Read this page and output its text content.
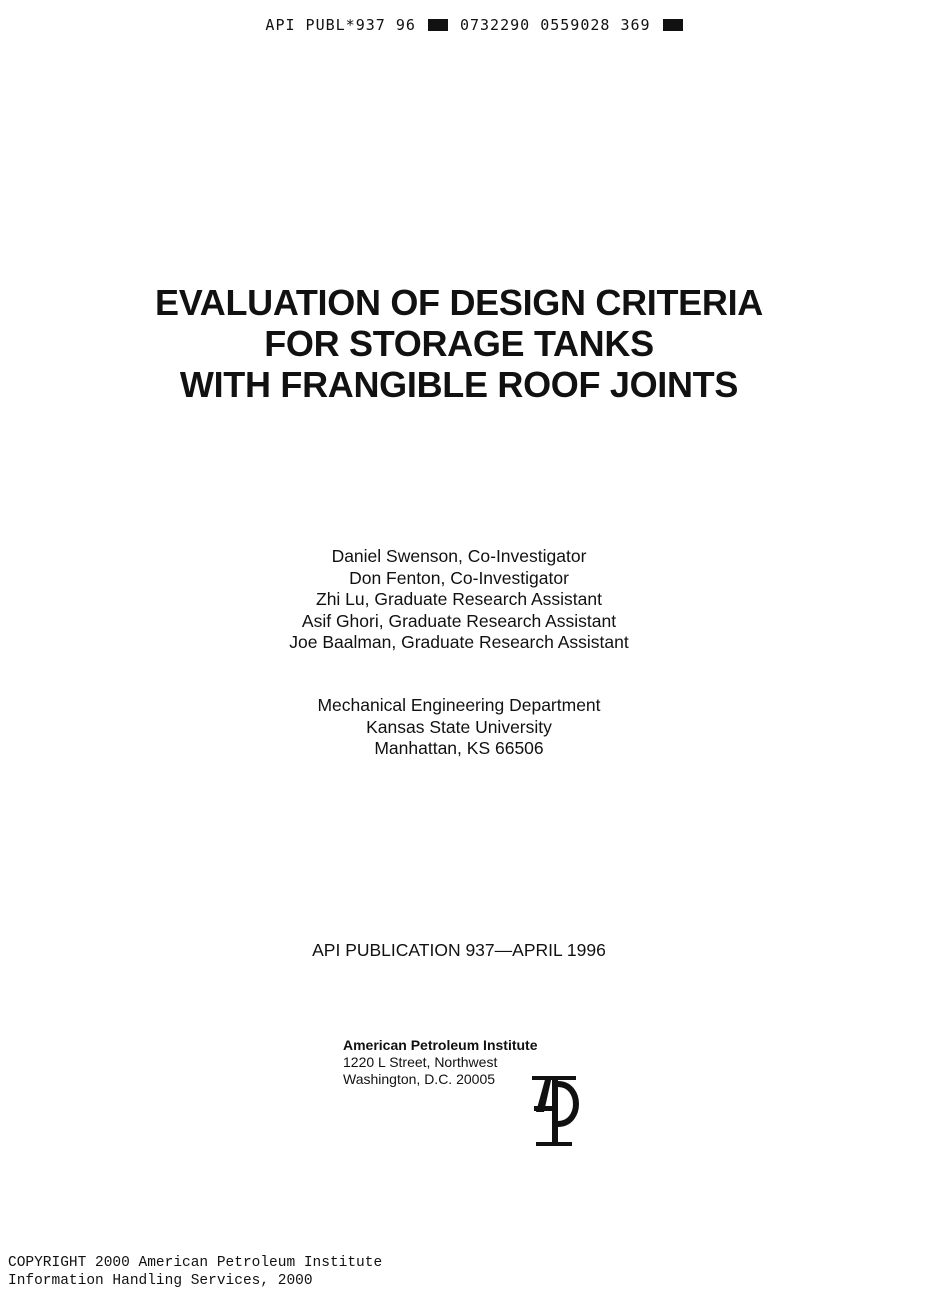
API PUBL*937 96	0732290 0559028 369
EVALUATION OF DESIGN CRITERIA
FOR STORAGE TANKS
WITH FRANGIBLE ROOF JOINTS
Daniel Swenson, Co-Investigator
Don Fenton, Co-Investigator
Zhi Lu, Graduate Research Assistant
Asif Ghori, Graduate Research Assistant
Joe Baalman, Graduate Research Assistant
Mechanical Engineering Department
Kansas State University
Manhattan, KS 66506
API PUBLICATION 937—APRIL 1996
American Petroleum Institute
1220 L Street, Northwest
Washington, D.C. 20005
COPYRIGHT 2000 American Petroleum Institute
Information Handling Services, 2000
